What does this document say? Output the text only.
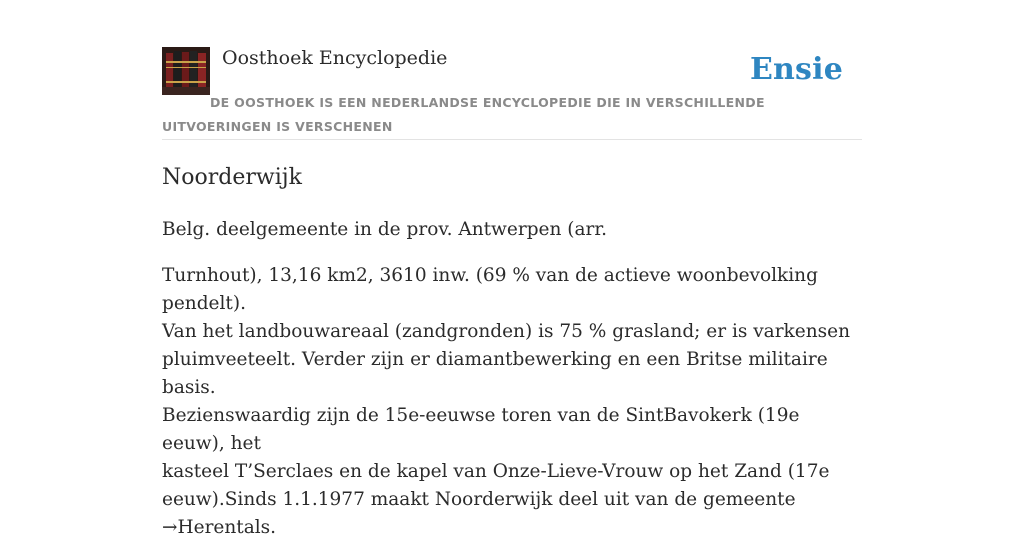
Oosthoek Encyclopedie	Ensie
DE OOSTHOEK IS EEN NEDERLANDSE ENCYCLOPEDIE DIE IN VERSCHILLENDE UITVOERINGEN IS VERSCHENEN
Noorderwijk

Belg. deelgemeente in de prov. Antwerpen (arr.

Turnhout), 13,16 km2, 3610 inw. (69 % van de actieve woonbevolking pendelt).
Van het landbouwareaal (zandgronden) is 75 % grasland; er is varkensen
pluimveeteelt. Verder zijn er diamantbewerking en een Britse militaire basis.
Bezienswaardig zijn de 15e-eeuwse toren van de SintBavokerk (19e eeuw), het
kasteel T’Serclaes en de kapel van Onze-Lieve-Vrouw op het Zand (17e
eeuw).Sinds 1.1.1977 maakt Noorderwijk deel uit van de gemeente →Herentals.
